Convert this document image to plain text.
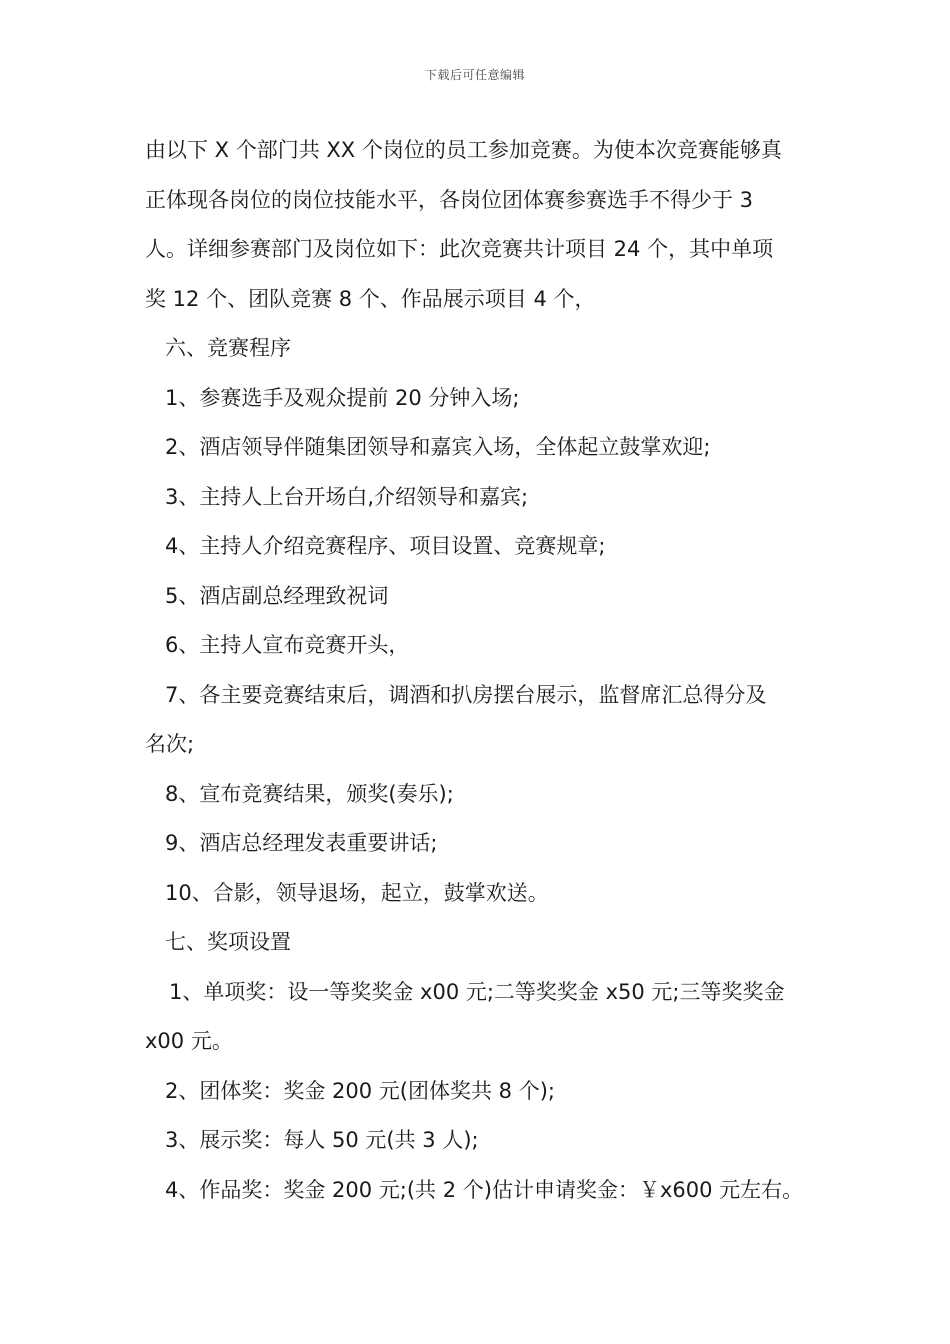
下载后可任意编辑

由以下 X 个部门共 XX 个岗位的员工参加竞赛。为使本次竞赛能够真

正体现各岗位的岗位技能水平，各岗位团体赛参赛选手不得少于 3

人。详细参赛部门及岗位如下：此次竞赛共计项目 24 个，其中单项

奖 12 个、团队竞赛 8 个、作品展示项目 4 个，

六、竞赛程序

1、参赛选手及观众提前 20 分钟入场;

2、酒店领导伴随集团领导和嘉宾入场，全体起立鼓掌欢迎;

3、主持人上台开场白,介绍领导和嘉宾;

4、主持人介绍竞赛程序、项目设置、竞赛规章;

5、酒店副总经理致祝词

6、主持人宣布竞赛开头，

7、各主要竞赛结束后，调酒和扒房摆台展示，监督席汇总得分及

名次;

8、宣布竞赛结果，颁奖(奏乐);

9、酒店总经理发表重要讲话;

10、合影，领导退场，起立，鼓掌欢送。

七、奖项设置

1、单项奖：设一等奖奖金 x00 元;二等奖奖金 x50 元;三等奖奖金

x00 元。

2、团体奖：奖金 200 元(团体奖共 8 个);

3、展示奖：每人 50 元(共 3 人);

4、作品奖：奖金 200 元;(共 2 个)估计申请奖金：￥x600 元左右。
